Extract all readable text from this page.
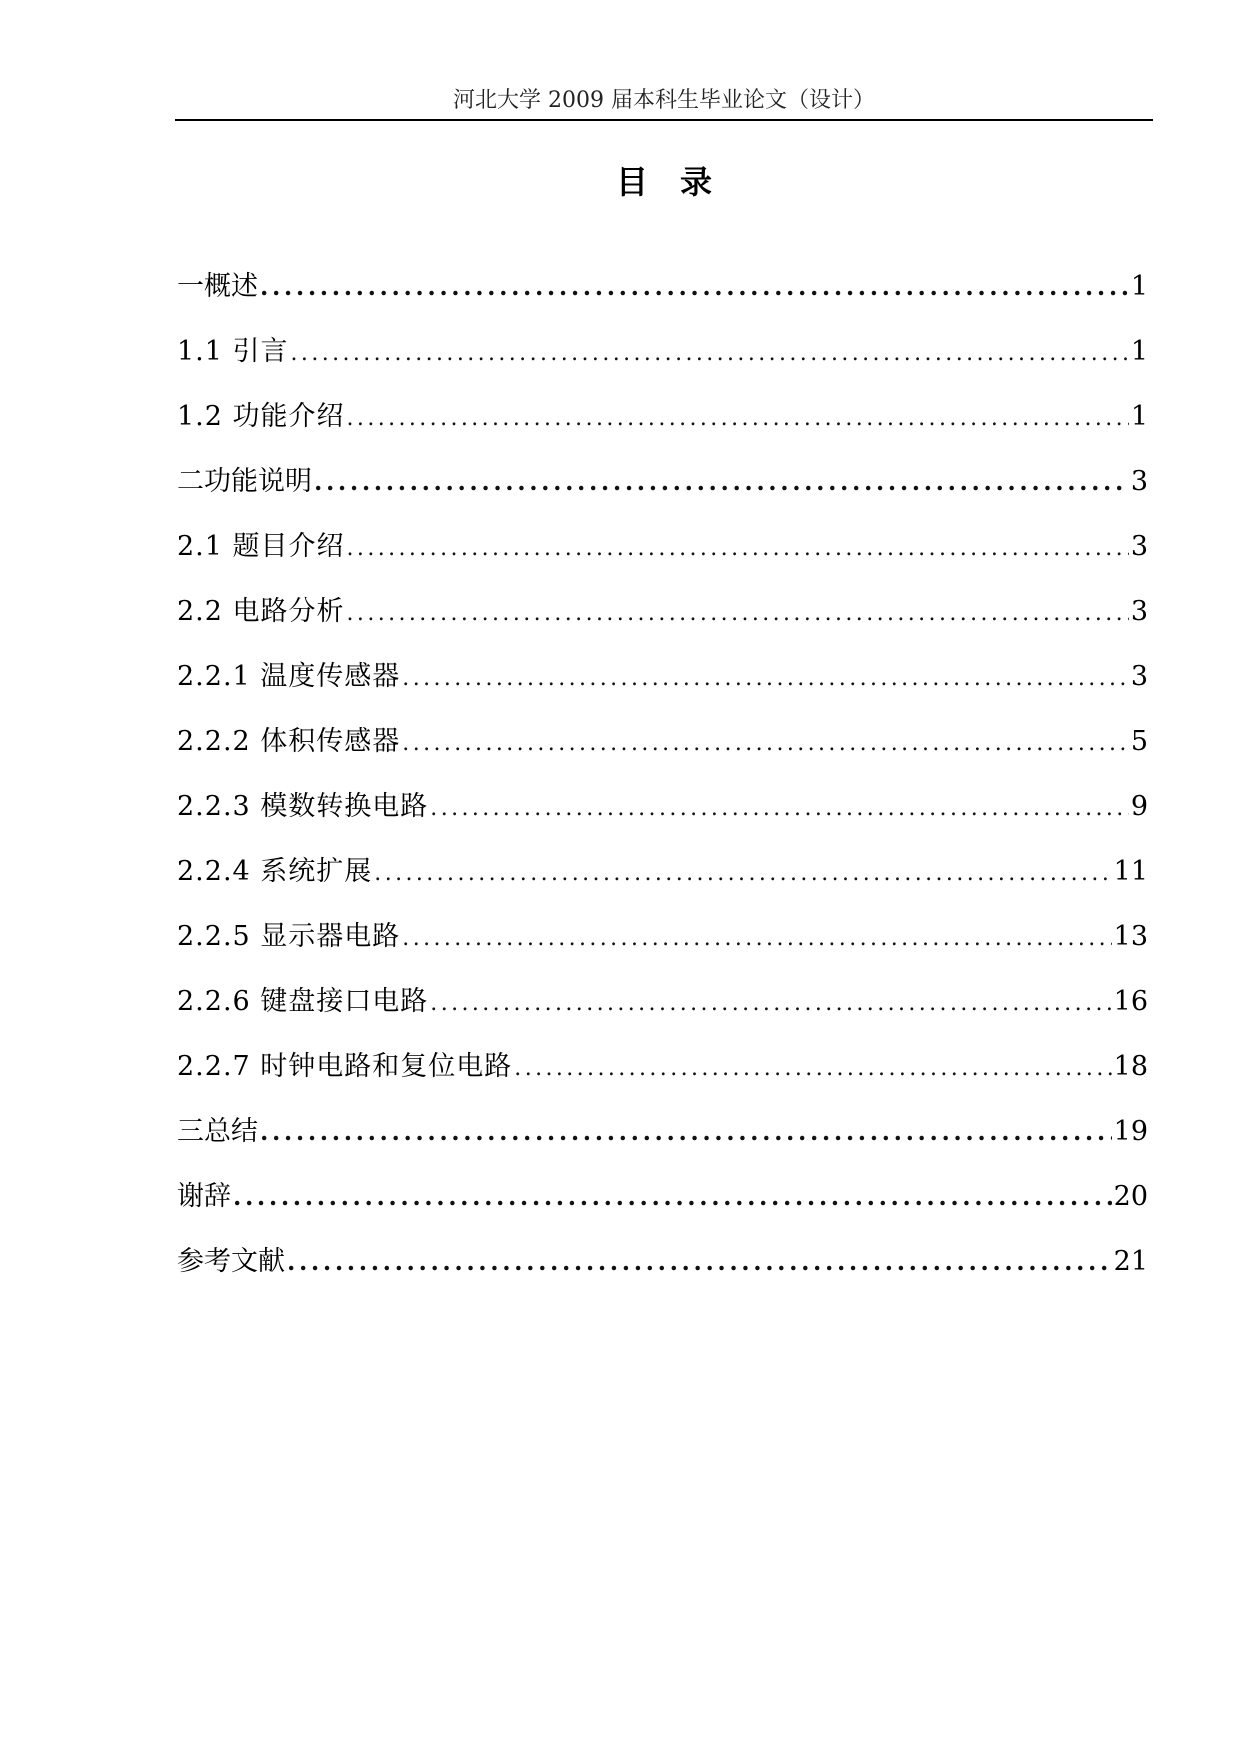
河北大学 2009 届本科生毕业论文（设计）
目录
一概述 .....	1
1.1 引言 .....	1
1.2 功能介绍 .....	1
二功能说明 .....	3
2.1 题目介绍 .....	3
2.2 电路分析 .....	3
2.2.1 温度传感器 .....	3
2.2.2 体积传感器 .....	5
2.2.3 模数转换电路 .....	9
2.2.4 系统扩展 .....	11
2.2.5 显示器电路 .....	13
2.2.6 键盘接口电路 .....	16
2.2.7 时钟电路和复位电路 .....	18
三总结 .....	19
谢辞 .....	20
参考文献 .....	21
